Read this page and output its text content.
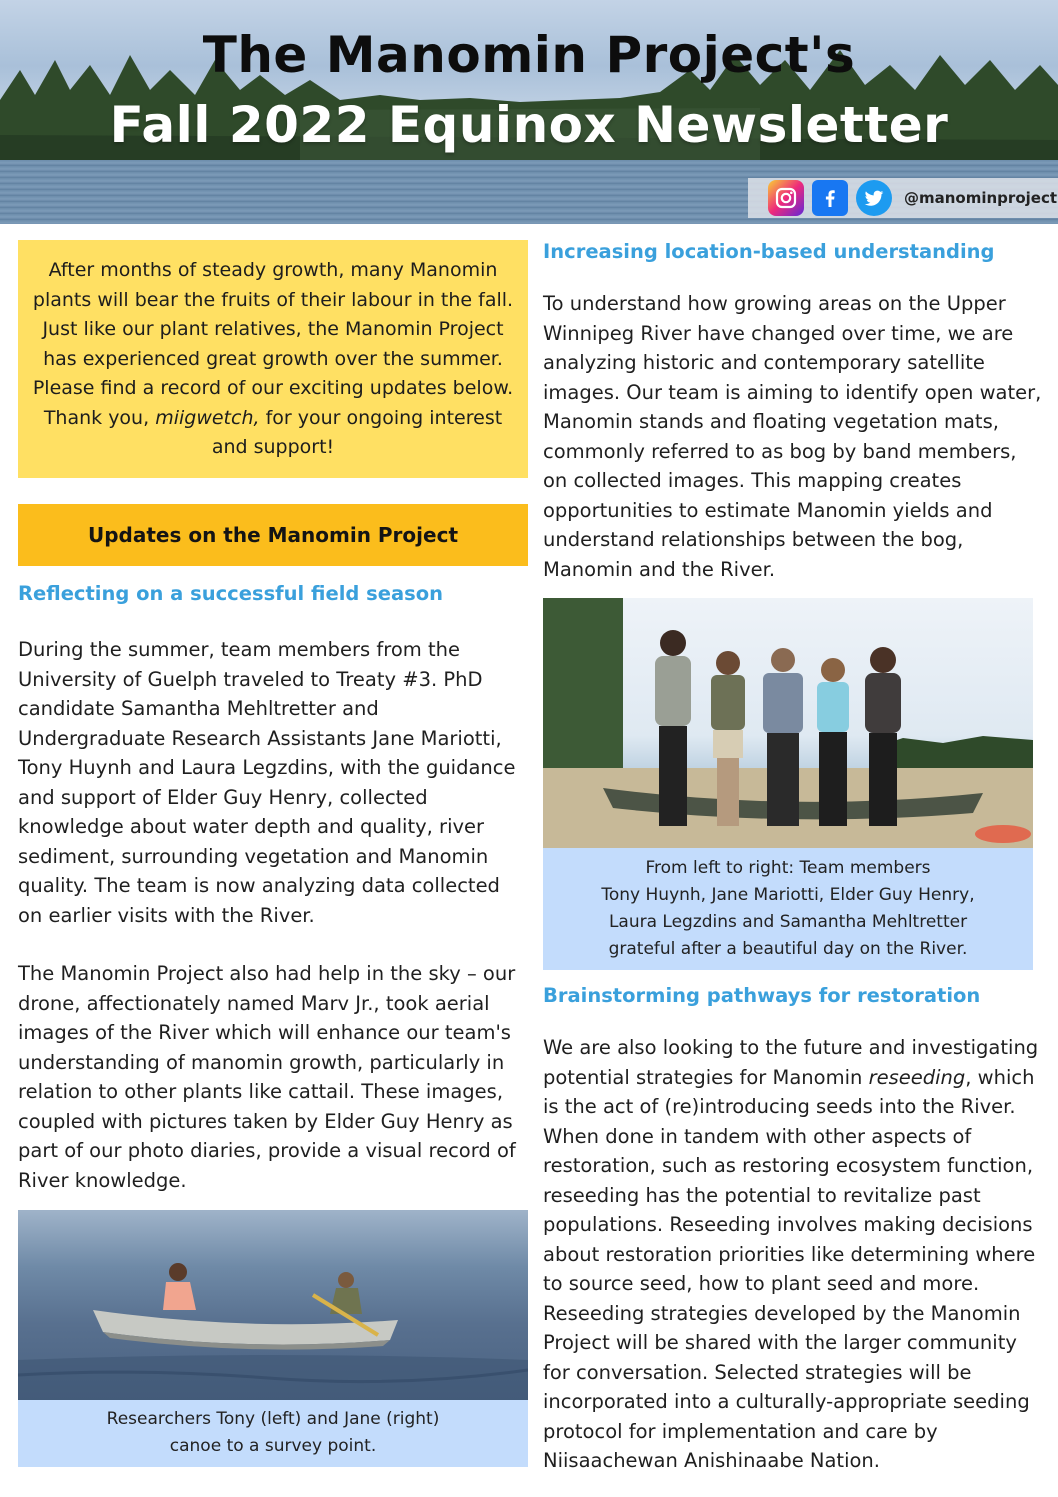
The Manomin Project's
Fall 2022 Equinox Newsletter
@manominproject
After months of steady growth, many Manomin plants will bear the fruits of their labour in the fall. Just like our plant relatives, the Manomin Project has experienced great growth over the summer. Please find a record of our exciting updates below. Thank you, miigwetch, for your ongoing interest and support!
Updates on the Manomin Project
Reflecting on a successful field season

During the summer, team members from the University of Guelph traveled to Treaty #3. PhD candidate Samantha Mehltretter and Undergraduate Research Assistants Jane Mariotti, Tony Huynh and Laura Legzdins, with the guidance and support of Elder Guy Henry, collected knowledge about water depth and quality, river sediment, surrounding vegetation and Manomin quality. The team is now analyzing data collected on earlier visits with the River.

The Manomin Project also had help in the sky – our drone, affectionately named Marv Jr., took aerial images of the River which will enhance our team's understanding of manomin growth, particularly in relation to other plants like cattail. These images, coupled with pictures taken by Elder Guy Henry as part of our photo diaries, provide a visual record of River knowledge.

Researchers Tony (left) and Jane (right)
canoe to a survey point.
Increasing location-based understanding

To understand how growing areas on the Upper Winnipeg River have changed over time, we are analyzing historic and contemporary satellite images. Our team is aiming to identify open water, Manomin stands and floating vegetation mats, commonly referred to as bog by band members, on collected images. This mapping creates opportunities to estimate Manomin yields and understand relationships between the bog, Manomin and the River.

From left to right: Team members
Tony Huynh, Jane Mariotti, Elder Guy Henry,
Laura Legzdins and Samantha Mehltretter
grateful after a beautiful day on the River.
Brainstorming pathways for restoration

We are also looking to the future and investigating potential strategies for Manomin reseeding, which is the act of (re)introducing seeds into the River. When done in tandem with other aspects of restoration, such as restoring ecosystem function, reseeding has the potential to revitalize past populations. Reseeding involves making decisions about restoration priorities like determining where to source seed, how to plant seed and more. Reseeding strategies developed by the Manomin Project will be shared with the larger community for conversation. Selected strategies will be incorporated into a culturally-appropriate seeding protocol for implementation and care by Niisaachewan Anishinaabe Nation.
